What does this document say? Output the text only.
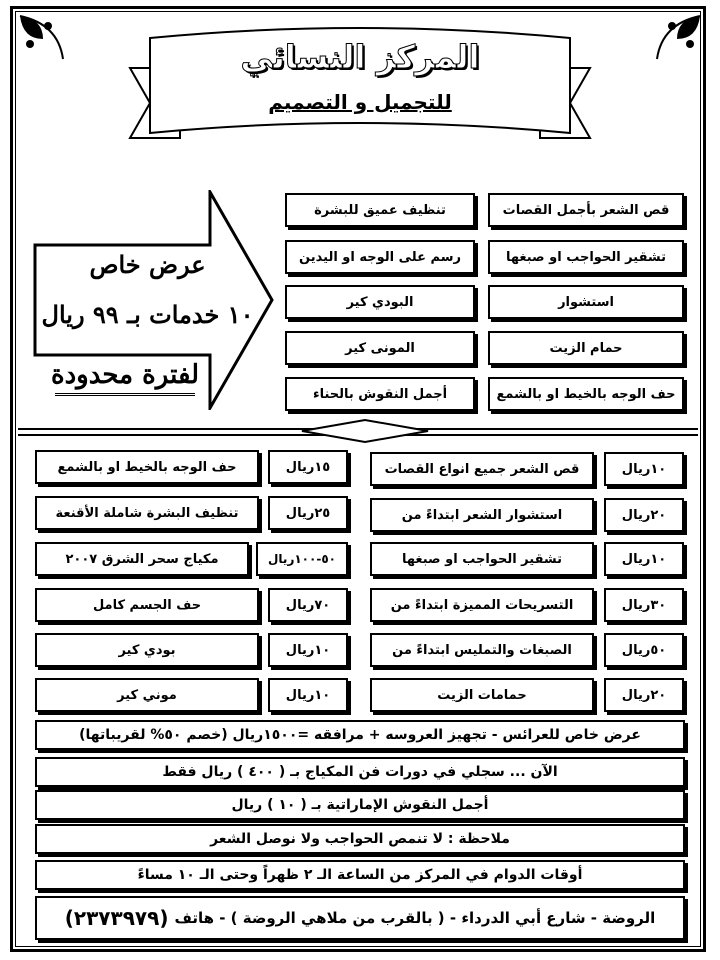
المركز النسائي
للتجميل و التصميم
عرض خاص
١٠ خدمات بـ ٩٩ ريال
لفترة محدودة
قص الشعر بأجمل القصات
تشقير الحواجب او صبغها
استشوار
حمام الزيت
حف الوجه بالخيط او بالشمع
تنظيف عميق للبشرة
رسم على الوجه او اليدين
البودي كير
المونى كير
أجمل النقوش بالحناء
١٠ريال
قص الشعر جميع انواع القصات
٢٠ريال
استشوار الشعر ابتداءً من
١٠ريال
تشقير الحواجب او صبغها
٣٠ريال
التسريحات المميزة ابتداءً من
٥٠ريال
الصبغات والتمليس ابتداءً من
٢٠ريال
حمامات الزيت
١٥ريال
حف الوجه بالخيط او بالشمع
٢٥ريال
تنظيف البشرة شاملة الأقنعة
٥٠-١٠٠ريال
مكياج سحر الشرق ٢٠٠٧
٧٠ريال
حف الجسم كامل
١٠ريال
بودي كير
١٠ريال
موني كير
عرض خاص للعرائس - تجهيز العروسه + مرافقه =١٥٠٠ريال (خصم ٥٠% لقريباتها)
الآن ... سجلي في دورات فن المكياج بـ ( ٤٠٠ ) ريال فقط
أجمل النقوش الإماراتية بـ ( ١٠ ) ريال
ملاحظة : لا تنمص الحواجب ولا نوصل الشعر
أوقات الدوام في المركز من الساعة الـ ٢ ظهراً وحتى الـ ١٠ مساءً
الروضة - شارع أبي الدرداء - ( بالقرب من ملاهي الروضة ) - هاتف
(٢٣٧٣٩٧٩)
